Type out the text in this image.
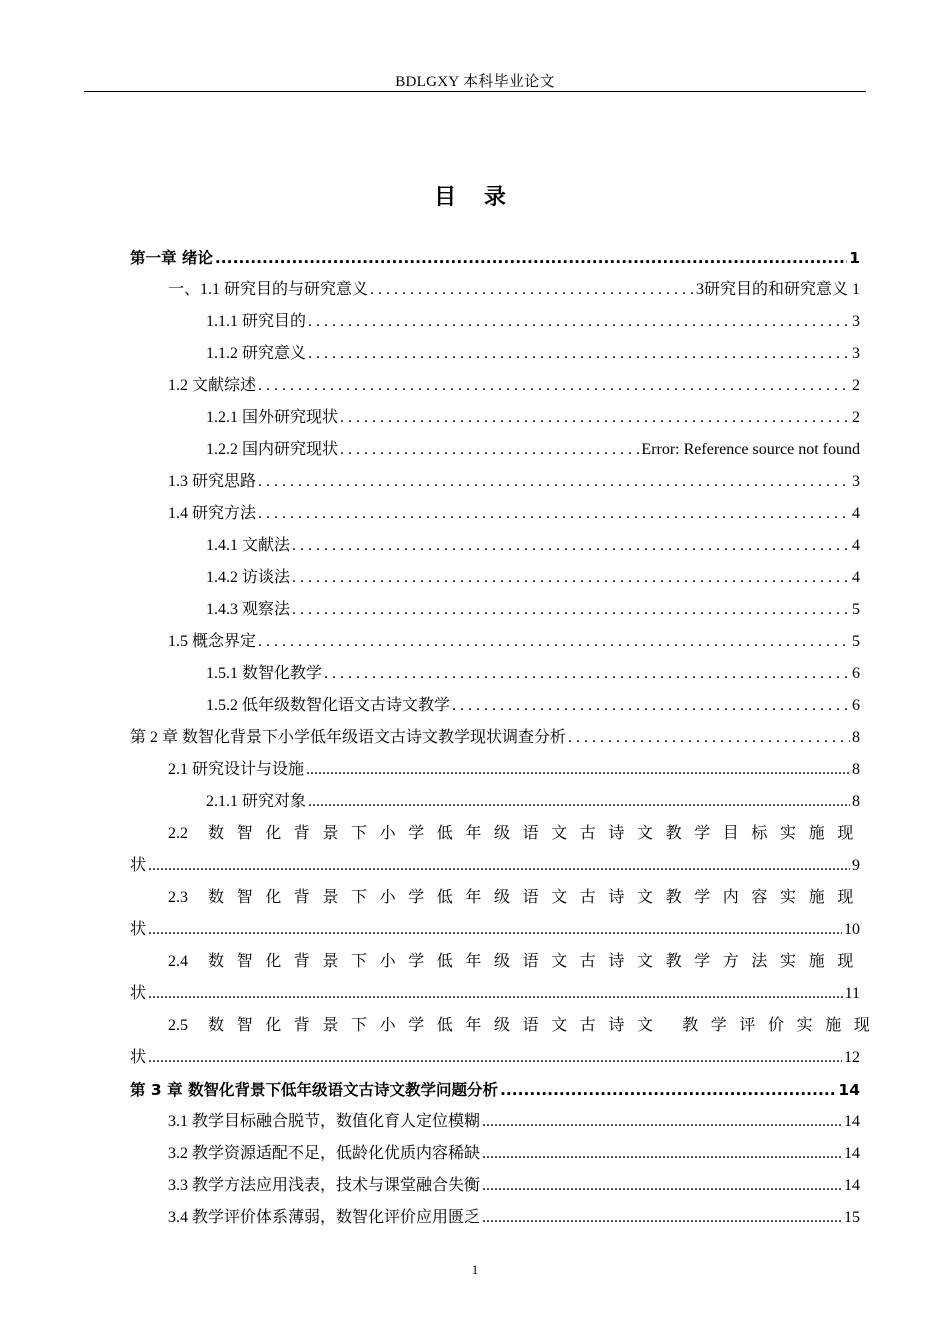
BDLGXY 本科毕业论文
目 录
第一章 绪论 .....	1
一、1.1 研究目的与研究意义 . . .	3研究目的和研究意义 1
1.1.1 研究目的 . . .	3
1.1.2 研究意义 . . .	3
1.2 文献综述 . . .	2
1.2.1 国外研究现状 . . .	2
1.2.2 国内研究现状 . . .	Error: Reference source not found
1.3 研究思路 . . .	3
1.4 研究方法 . . .	4
1.4.1 文献法 . . .	4
1.4.2 访谈法 . . .	4
1.4.3 观察法 . . .	5
1.5 概念界定 . . .	5
1.5.1 数智化教学 . . .	6
1.5.2 低年级数智化语文古诗文教学 . . .	6
第 2 章 数智化背景下小学低年级语文古诗文教学现状调查分析 . . .	8
2.1 研究设计与设施 .....	8
2.1.1 研究对象 .....	8
2.2 数智化背景下小学低年级语文古诗文教学目标实施现
状 .....	9
2.3 数智化背景下小学低年级语文古诗文教学内容实施现
状 .....	10
2.4 数智化背景下小学低年级语文古诗文教学方法实施现
状 .....	11
2.5 数智化背景下小学低年级语文古诗文 教学评价实施现
状 .....	12
第 3 章 数智化背景下低年级语文古诗文教学问题分析 .....	14
3.1 教学目标融合脱节，数值化育人定位模糊 .....	14
3.2 教学资源适配不足，低龄化优质内容稀缺 .....	14
3.3 教学方法应用浅表，技术与课堂融合失衡 .....	14
3.4 教学评价体系薄弱，数智化评价应用匮乏 .....	15
1
